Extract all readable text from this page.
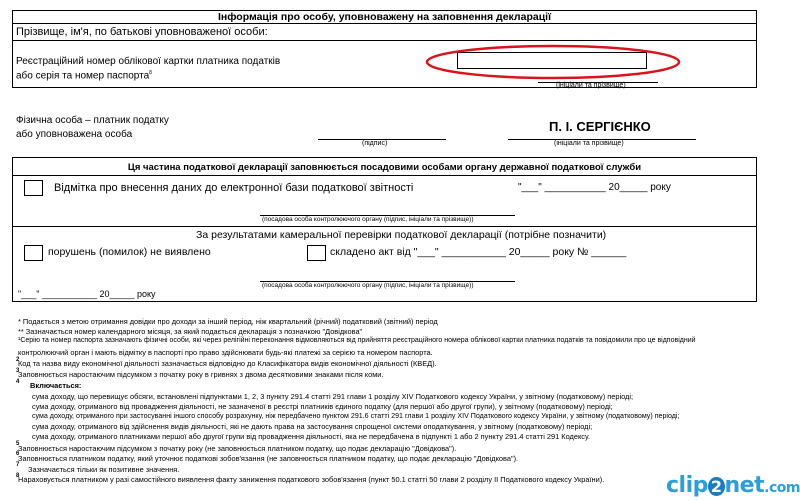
Інформація про особу, уповноважену на заповнення декларації
Прізвище, ім'я, по батькові уповноваженої особи:
Реєстраційний номер облікової картки платника податків
або серія та номер паспорта$^8$
(ініціали та прізвище)
Фізична особа – платник податку
або уповноважена особа
(підпис)
П. І. СЕРГІЄНКО
(ініціали та прізвище)
Ця частина податкової декларації заповнюється посадовими особами органу державної податкової служби
Відмітка про внесення даних до електронної бази податкової звітності	"___" ___________ 20_____ року
(посадова особа контролюючого органу (підпис, ініціали та прізвище))
За результатами камеральної перевірки податкової декларації (потрібне позначити)
порушень (помилок) не виявлено	складено акт від "___" ___________ 20_____ року № ______
(посадова особа контролюючого органу (підпис, ініціали та прізвище))
"___" ___________ 20_____ року
* Подається з метою отримання довідки про доходи за інший період, ніж квартальний (річний) податковий (звітний) період
** Зазначається номер календарного місяця, за який подається декларація з позначкою "Довідкова"
¹Серію та номер паспорта зазначають фізичні особи, які через релігійні переконання відмовляються від прийняття реєстраційного номера облікової картки платника податків та повідомили про це відповідний
контролюючий орган і мають відмітку в паспорті про право здійснювати будь-які платежі за серією та номером паспорта.
2
Код та назва виду економічної діяльності зазначається відповідно до Класифікатора видів економічної діяльності (КВЕД).
3
Заповнюється наростаючим підсумком з початку року в гривнях з двома десятковими знаками після коми.
4 Включається:
сума доходу, що перевищує обсяги, встановлені підпунктами 1, 2, 3 пункту 291.4 статті 291 глави 1 розділу XIV Податкового кодексу України, у звітному (податковому) періоді;
сума доходу, отриманого від провадження діяльності, не зазначеної в реєстрі платників єдиного податку (для першої або другої групи), у звітному (податковому) періоді;
сума доходу, отриманого при застосуванні іншого способу розрахунку, ніж передбачено пунктом 291.6 статті 291 глави 1 розділу XIV Податкового кодексу України, у звітному (податковому) періоді;
сума доходу, отриманого від здійснення видів діяльності, які не дають права на застосування спрощеної системи оподаткування, у звітному (податковому) періоді;
сума доходу, отриманого платниками першої або другої групи від провадження діяльності, яка не передбачена в підпункті 1 або 2 пункту 291.4 статті 291 Кодексу.
5
Заповнюється наростаючим підсумком з початку року (не заповнюється платником податку, що подає декларацію "Довідкова").
6
Заповнюється платником податку, який уточнює податкові зобов'язання (не заповнюється платником податку, що подає декларацію "Довідкова").
7 Зазначається тільки як позитивне значення.
8
Нараховується платником у разі самостійного виявлення факту заниження податкового зобов'язання (пункт 50.1 статті 50 глави 2 розділу II Податкового кодексу України).	clip 2 net.com
